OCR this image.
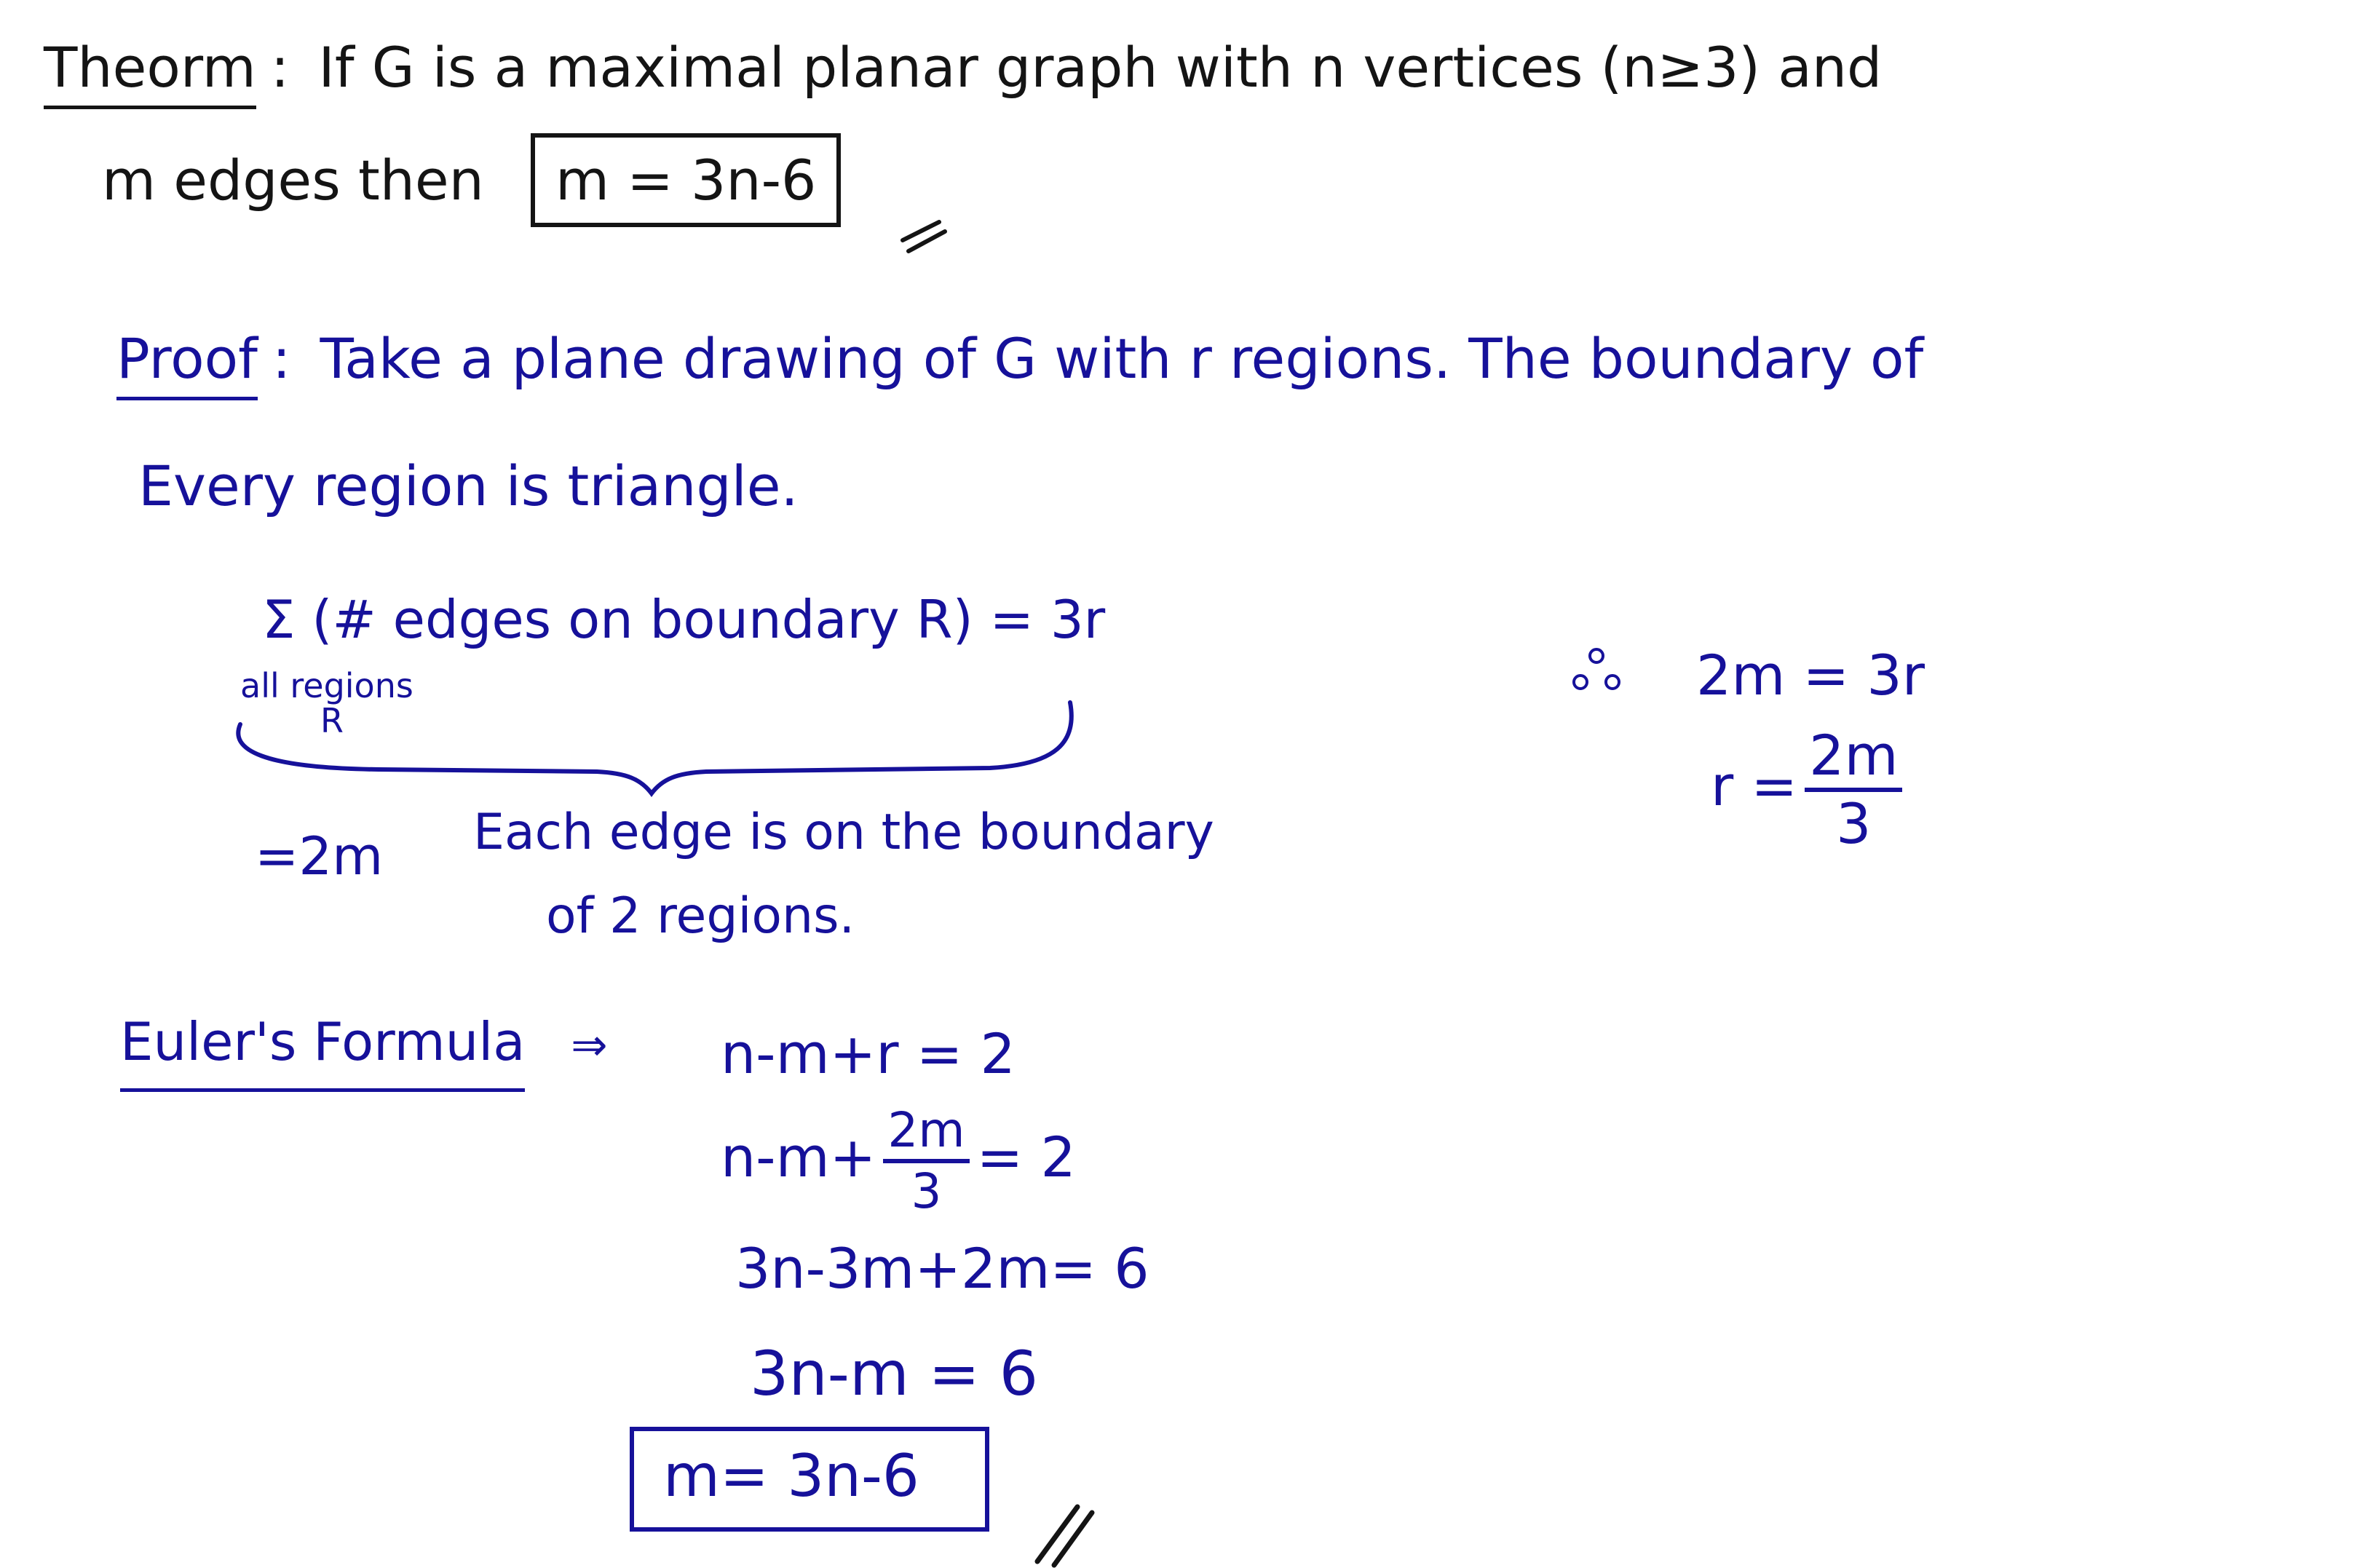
Theorm : If G is a maximal planar graph with n vertices (n≥3) and
m edges then m = 3n-6
Proof : Take a plane drawing of G with r regions. The boundary of
Every region is triangle.
Σ (# edges on boundary R) = 3r
all regions
R
=2m Each edge is on the boundary
of 2 regions.
2m = 3r
$r = \frac{2m}{3}$
Euler's Formula ⇒ n-m+r = 2
$n-m+ \frac{2m}{3} = 2$
3n-3m+2m= 6
3n-m = 6
m= 3n-6
